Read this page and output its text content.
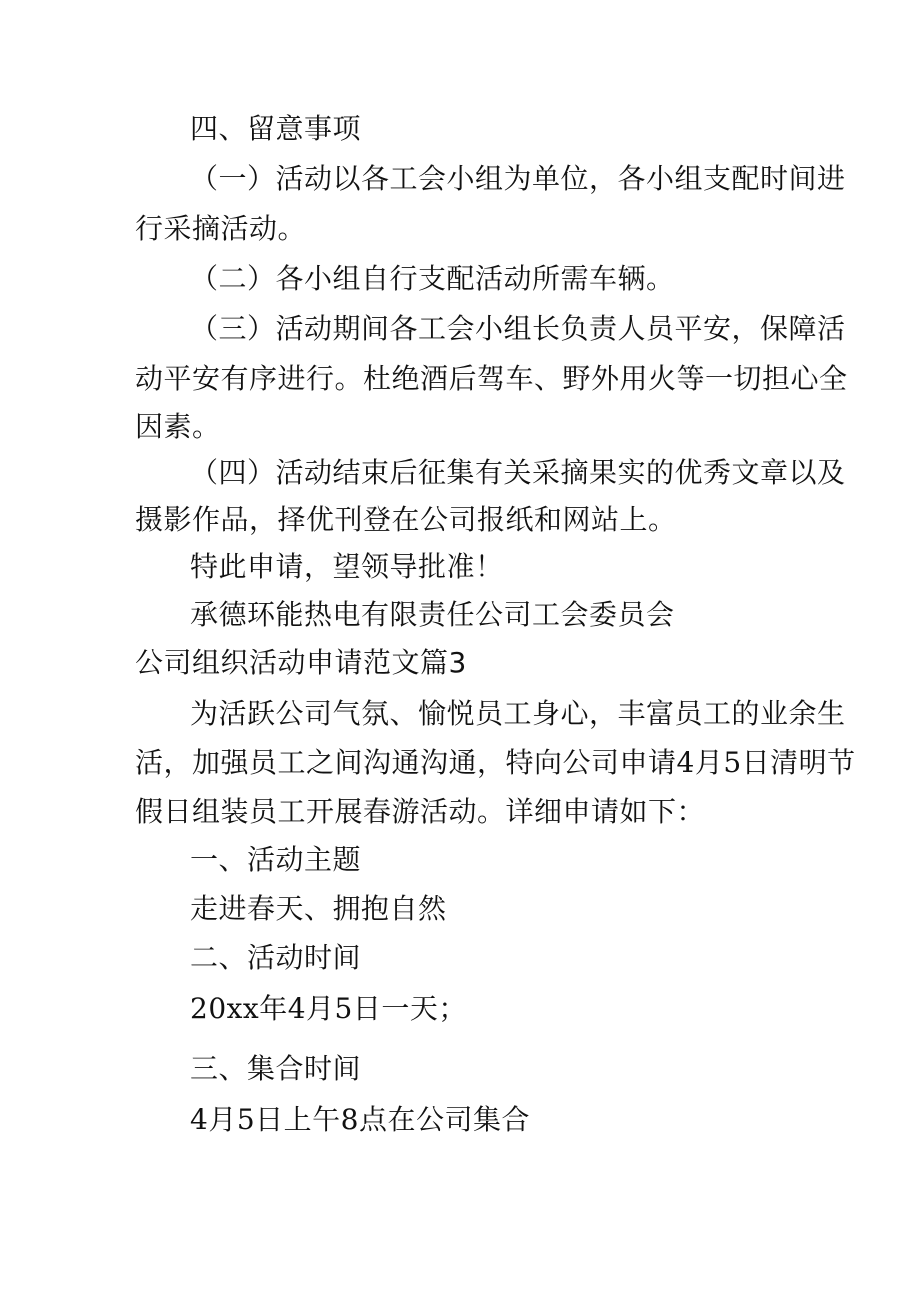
四、留意事项
（一）活动以各工会小组为单位，各小组支配时间进
行采摘活动。
（二）各小组自行支配活动所需车辆。
（三）活动期间各工会小组长负责人员平安，保障活
动平安有序进行。杜绝酒后驾车、野外用火等一切担心全
因素。
（四）活动结束后征集有关采摘果实的优秀文章以及
摄影作品，择优刊登在公司报纸和网站上。
特此申请，望领导批准！
承德环能热电有限责任公司工会委员会
公司组织活动申请范文篇3
为活跃公司气氛、愉悦员工身心，丰富员工的业余生
活，加强员工之间沟通沟通，特向公司申请4月5日清明节
假日组装员工开展春游活动。详细申请如下：
一、活动主题
走进春天、拥抱自然
二、活动时间
20xx年4月5日一天；
三、集合时间
4月5日上午8点在公司集合
